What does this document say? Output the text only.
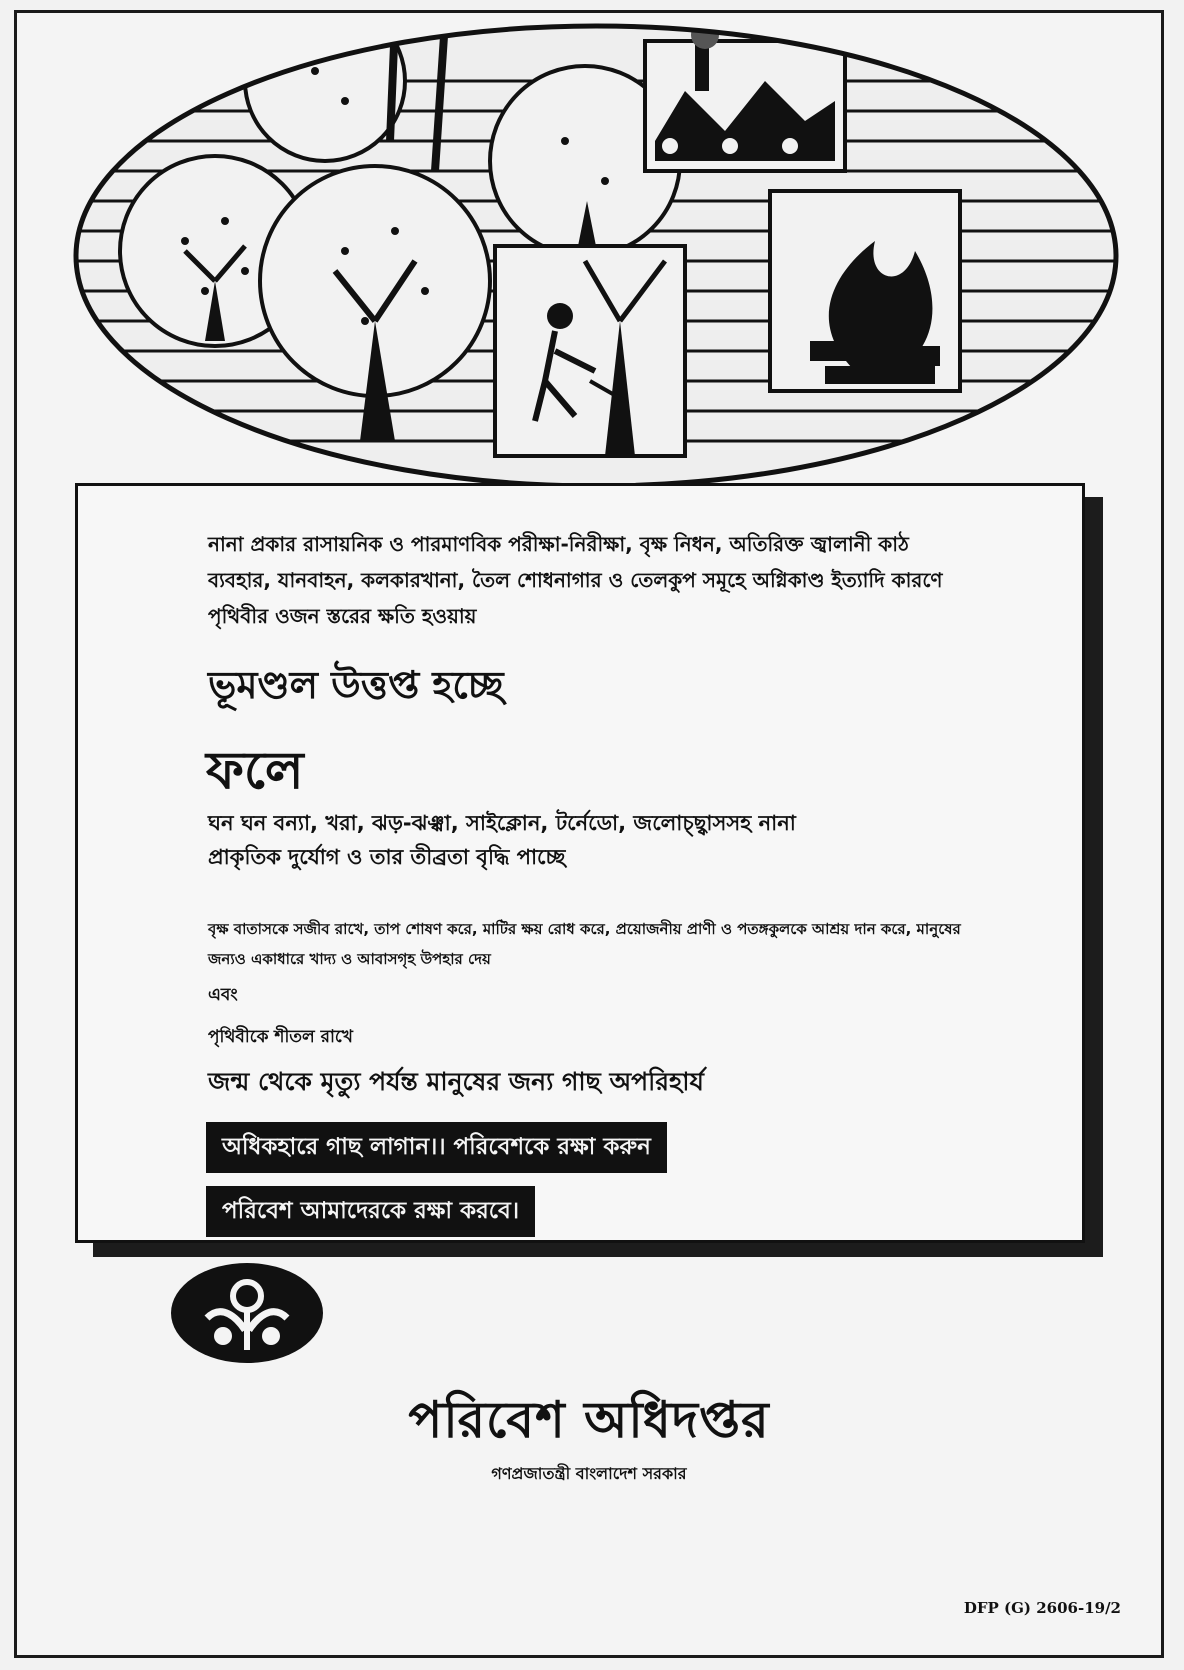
নানা প্রকার রাসায়নিক ও পারমাণবিক পরীক্ষা-নিরীক্ষা, বৃক্ষ নিধন, অতিরিক্ত জ্বালানী কাঠ ব্যবহার, যানবাহন, কলকারখানা, তৈল শোধনাগার ও তেলকুপ সমূহে অগ্নিকাণ্ড ইত্যাদি কারণে পৃথিবীর ওজন স্তরের ক্ষতি হওয়ায়

ভূমণ্ডল উত্তপ্ত হচ্ছে

ফলে

ঘন ঘন বন্যা, খরা, ঝড়-ঝঞ্ঝা, সাইক্লোন, টর্নেডো, জলোচ্ছ্বাসসহ নানা প্রাকৃতিক দুর্যোগ ও তার তীব্রতা বৃদ্ধি পাচ্ছে

বৃক্ষ বাতাসকে সজীব রাখে, তাপ শোষণ করে, মাটির ক্ষয় রোধ করে, প্রয়োজনীয় প্রাণী ও পতঙ্গকুলকে আশ্রয় দান করে, মানুষের জন্যও একাধারে খাদ্য ও আবাসগৃহ উপহার দেয়

এবং

পৃথিবীকে শীতল রাখে

জন্ম থেকে মৃত্যু পর্যন্ত মানুষের জন্য গাছ অপরিহার্য

অধিকহারে গাছ লাগান।। পরিবেশকে রক্ষা করুন
পরিবেশ আমাদেরকে রক্ষা করবে।
পরিবেশ অধিদপ্তর
গণপ্রজাতন্ত্রী বাংলাদেশ সরকার
DFP (G) 2606-19/2
